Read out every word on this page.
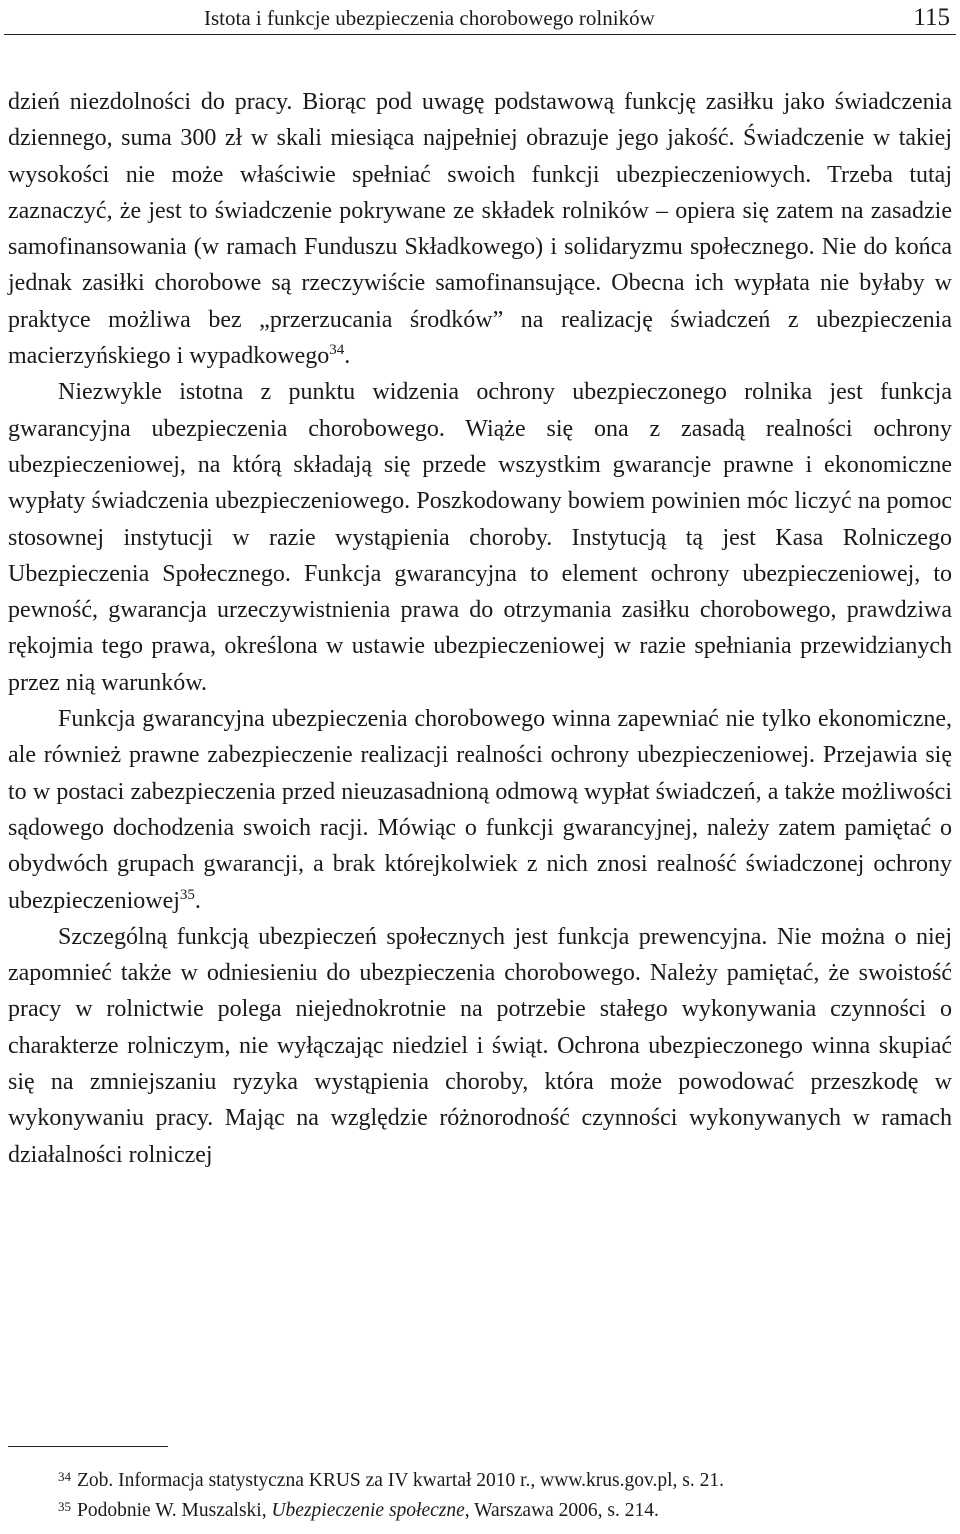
Istota i funkcje ubezpieczenia chorobowego rolników	115

dzień niezdolności do pracy. Biorąc pod uwagę podstawową funkcję zasiłku jako świadczenia dziennego, suma 300 zł w skali miesiąca najpełniej obrazuje jego jakość. Świadczenie w takiej wysokości nie może właściwie spełniać swoich funkcji ubezpieczeniowych. Trzeba tutaj zaznaczyć, że jest to świadczenie pokrywane ze składek rolników – opiera się zatem na zasadzie samofinansowania (w ramach Funduszu Składkowego) i solidaryzmu społecznego. Nie do końca jednak zasiłki chorobowe są rzeczywiście samofinansujące. Obecna ich wypłata nie byłaby w praktyce możliwa bez „przerzucania środków” na realizację świadczeń z ubezpieczenia macierzyńskiego i wypadkowego$^{34}$.

Niezwykle istotna z punktu widzenia ochrony ubezpieczonego rolnika jest funkcja gwarancyjna ubezpieczenia chorobowego. Wiąże się ona z zasadą realności ochrony ubezpieczeniowej, na którą składają się przede wszystkim gwarancje prawne i ekonomiczne wypłaty świadczenia ubezpieczeniowego. Poszkodowany bowiem powinien móc liczyć na pomoc stosownej instytucji w razie wystąpienia choroby. Instytucją tą jest Kasa Rolniczego Ubezpieczenia Społecznego. Funkcja gwarancyjna to element ochrony ubezpieczeniowej, to pewność, gwarancja urzeczywistnienia prawa do otrzymania zasiłku chorobowego, prawdziwa rękojmia tego prawa, określona w ustawie ubezpieczeniowej w razie spełniania przewidzianych przez nią warunków.

Funkcja gwarancyjna ubezpieczenia chorobowego winna zapewniać nie tylko ekonomiczne, ale również prawne zabezpieczenie realizacji realności ochrony ubezpieczeniowej. Przejawia się to w postaci zabezpieczenia przed nieuzasadnioną odmową wypłat świadczeń, a także możliwości sądowego dochodzenia swoich racji. Mówiąc o funkcji gwarancyjnej, należy zatem pamiętać o obydwóch grupach gwarancji, a brak którejkolwiek z nich znosi realność świadczonej ochrony ubezpieczeniowej$^{35}$.

Szczególną funkcją ubezpieczeń społecznych jest funkcja prewencyjna. Nie można o niej zapomnieć także w odniesieniu do ubezpieczenia chorobowego. Należy pamiętać, że swoistość pracy w rolnictwie polega niejednokrotnie na potrzebie stałego wykonywania czynności o charakterze rolniczym, nie wyłączając niedziel i świąt. Ochrona ubezpieczonego winna skupiać się na zmniejszaniu ryzyka wystąpienia choroby, która może powodować przeszkodę w wykonywaniu pracy. Mając na względzie różnorodność czynności wykonywanych w ramach działalności rolniczej

$^{34}$ Zob. Informacja statystyczna KRUS za IV kwartał 2010 r., www.krus.gov.pl, s. 21.

$^{35}$ Podobnie W. Muszalski, Ubezpieczenie społeczne, Warszawa 2006, s. 214.
